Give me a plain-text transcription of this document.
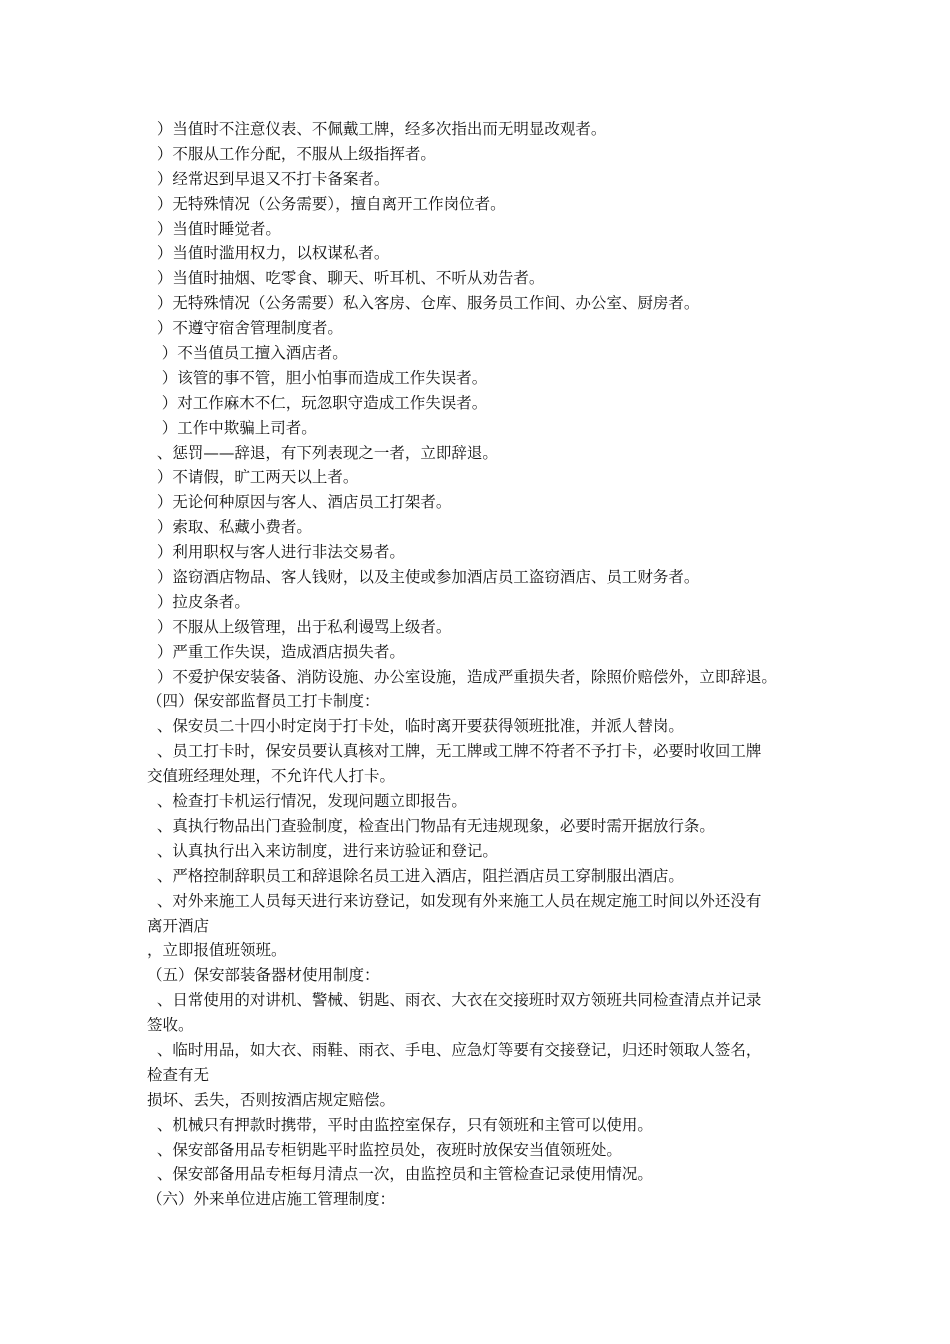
）当值时不注意仪表、不佩戴工牌，经多次指出而无明显改观者。
）不服从工作分配，不服从上级指挥者。
）经常迟到早退又不打卡备案者。
）无特殊情况（公务需要），擅自离开工作岗位者。
）当值时睡觉者。
）当值时滥用权力，以权谋私者。
）当值时抽烟、吃零食、聊天、听耳机、不听从劝告者。
）无特殊情况（公务需要）私入客房、仓库、服务员工作间、办公室、厨房者。
）不遵守宿舍管理制度者。
）不当值员工擅入酒店者。
）该管的事不管，胆小怕事而造成工作失误者。
）对工作麻木不仁，玩忽职守造成工作失误者。
）工作中欺骗上司者。
、惩罚——辞退，有下列表现之一者，立即辞退。
）不请假，旷工两天以上者。
）无论何种原因与客人、酒店员工打架者。
）索取、私藏小费者。
）利用职权与客人进行非法交易者。
）盗窃酒店物品、客人钱财，以及主使或参加酒店员工盗窃酒店、员工财务者。
）拉皮条者。
）不服从上级管理，出于私利谩骂上级者。
）严重工作失误，造成酒店损失者。
）不爱护保安装备、消防设施、办公室设施，造成严重损失者，除照价赔偿外，立即辞退。
（四）保安部监督员工打卡制度：
、保安员二十四小时定岗于打卡处，临时离开要获得领班批准，并派人替岗。
、员工打卡时，保安员要认真核对工牌，无工牌或工牌不符者不予打卡，必要时收回工牌
交值班经理处理，不允许代人打卡。
、检查打卡机运行情况，发现问题立即报告。
、真执行物品出门查验制度，检查出门物品有无违规现象，必要时需开据放行条。
、认真执行出入来访制度，进行来访验证和登记。
、严格控制辞职员工和辞退除名员工进入酒店，阻拦酒店员工穿制服出酒店。
、对外来施工人员每天进行来访登记，如发现有外来施工人员在规定施工时间以外还没有
离开酒店
，立即报值班领班。
（五）保安部装备器材使用制度：
、日常使用的对讲机、警械、钥匙、雨衣、大衣在交接班时双方领班共同检查清点并记录
签收。
、临时用品，如大衣、雨鞋、雨衣、手电、应急灯等要有交接登记，归还时领取人签名，
检查有无
损坏、丢失，否则按酒店规定赔偿。
、机械只有押款时携带，平时由监控室保存，只有领班和主管可以使用。
、保安部备用品专柜钥匙平时监控员处，夜班时放保安当值领班处。
、保安部备用品专柜每月清点一次，由监控员和主管检查记录使用情况。
（六）外来单位进店施工管理制度：
